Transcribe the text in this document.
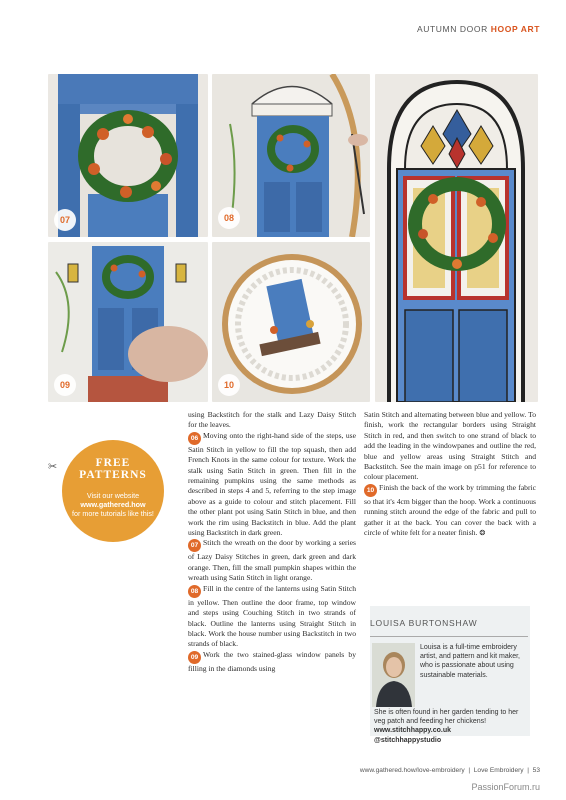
AUTUMN DOOR HOOP ART
07	08
09	10
✂	FREE
PATTERNS
Visit our website
www.gathered.how
for more tutorials like this!

using Backstitch for the stalk and Lazy Daisy Stitch for the leaves.

06 Moving onto the right-hand side of the steps, use Satin Stitch in yellow to fill the top squash, then add French Knots in the same colour for texture. Work the stalk using Satin Stitch in green. Then fill in the remaining pumpkins using the same methods as described in steps 4 and 5, referring to the step image above as a guide to colour and stitch placement. Fill the other plant pot using Satin Stitch in blue, and then work the rim using Backstitch in blue. Add the plant using Backstitch in dark green.

07 Stitch the wreath on the door by working a series of Lazy Daisy Stitches in green, dark green and dark orange. Then, fill the small pumpkin shapes within the wreath using Satin Stitch in light orange.

08 Fill in the centre of the lanterns using Satin Stitch in yellow. Then outline the door frame, top window and steps using Couching Stitch in two strands of black. Outline the lanterns using Straight Stitch in black. Work the house number using Backstitch in two strands of black.

09 Work the two stained-glass window panels by filling in the diamonds using

Satin Stitch and alternating between blue and yellow. To finish, work the rectangular borders using Straight Stitch in red, and then switch to one strand of black to add the leading in the windowpanes and outline the red, blue and yellow areas using Straight Stitch and Backstitch. See the main image on p51 for reference to colour placement.

10 Finish the back of the work by trimming the fabric so that it's 4cm bigger than the hoop. Work a continuous running stitch around the edge of the fabric and pull to gather it at the back. You can cover the back with a circle of white felt for a neater finish. ❂

LOUISA BURTONSHAW
Louisa is a full-time embroidery artist, and pattern and kit maker, who is passionate about using sustainable materials.
She is often found in her garden tending to her veg patch and feeding her chickens!
www.stitchhappy.co.uk
@stitchhappystudio
www.gathered.how/love-embroidery  |  Love Embroidery  |  53
PassionForum.ru
